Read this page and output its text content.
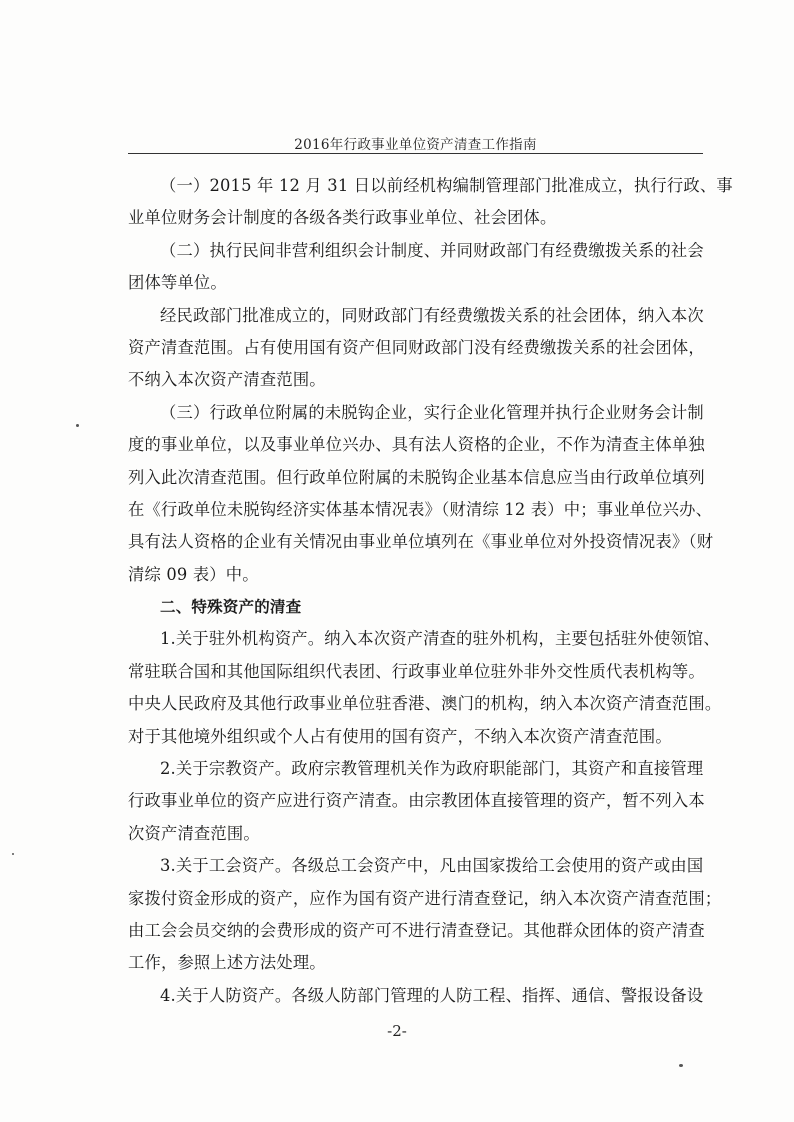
2016年行政事业单位资产清查工作指南
（一）2015 年 12 月 31 日以前经机构编制管理部门批准成立，执行行政、事
业单位财务会计制度的各级各类行政事业单位、社会团体。
（二）执行民间非营利组织会计制度、并同财政部门有经费缴拨关系的社会
团体等单位。
经民政部门批准成立的，同财政部门有经费缴拨关系的社会团体，纳入本次
资产清查范围。占有使用国有资产但同财政部门没有经费缴拨关系的社会团体，
不纳入本次资产清查范围。
（三）行政单位附属的未脱钩企业，实行企业化管理并执行企业财务会计制
度的事业单位，以及事业单位兴办、具有法人资格的企业，不作为清查主体单独
列入此次清查范围。但行政单位附属的未脱钩企业基本信息应当由行政单位填列
在《行政单位未脱钩经济实体基本情况表》（财清综 12 表）中；事业单位兴办、
具有法人资格的企业有关情况由事业单位填列在《事业单位对外投资情况表》（财
清综 09 表）中。
二、特殊资产的清查
1.关于驻外机构资产。纳入本次资产清查的驻外机构，主要包括驻外使领馆、
常驻联合国和其他国际组织代表团、行政事业单位驻外非外交性质代表机构等。
中央人民政府及其他行政事业单位驻香港、澳门的机构，纳入本次资产清查范围。
对于其他境外组织或个人占有使用的国有资产，不纳入本次资产清查范围。
2.关于宗教资产。政府宗教管理机关作为政府职能部门，其资产和直接管理
行政事业单位的资产应进行资产清查。由宗教团体直接管理的资产，暂不列入本
次资产清查范围。
3.关于工会资产。各级总工会资产中，凡由国家拨给工会使用的资产或由国
家拨付资金形成的资产，应作为国有资产进行清查登记，纳入本次资产清查范围；
由工会会员交纳的会费形成的资产可不进行清查登记。其他群众团体的资产清查
工作，参照上述方法处理。
4.关于人防资产。各级人防部门管理的人防工程、指挥、通信、警报设备设
-2-
